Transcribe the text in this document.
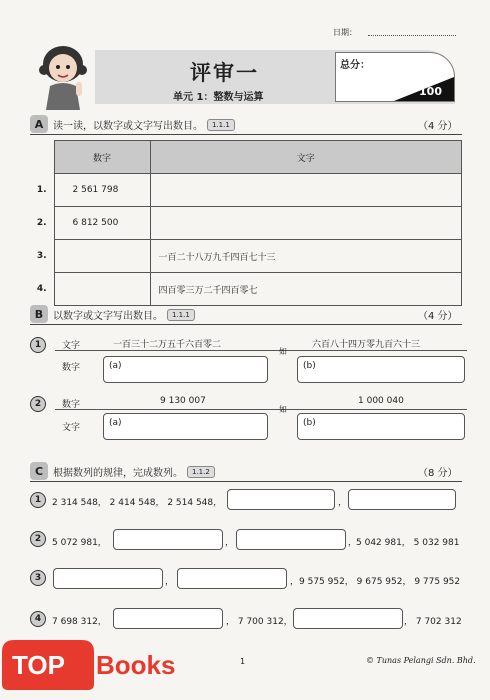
日期：
评审一
单元 1：整数与运算
总分：
100
A 读一读，以数字或文字写出数目。	1.1.1	（4 分）
	数字	文字
1.	2 561 798	
2.	6 812 500	
3.		一百二十八万九千四百七十三
4.		四百零三万二千四百零七
B 以数字或文字写出数目。	1.1.1	（4 分）
1	文字	一百三十二万五千六百零二	六百八十四万零九百六十三
数字
如
(a)	(b)
2	数字	9 130 007	1 000 040
文字
如
(a)	(b)
C 根据数列的规律，完成数列。	1.1.2	（8 分）
1	2 314 548， 2 414 548， 2 514 548，	，
2	5 072 981，	，	，
5 042 981， 5 032 981
3	，	，9 575 952， 9 675 952， 9 775 952
4	7 698 312，	， 7 700 312，	， 7 702 312
1	© Tunas Pelangi Sdn. Bhd.
TOP Books
